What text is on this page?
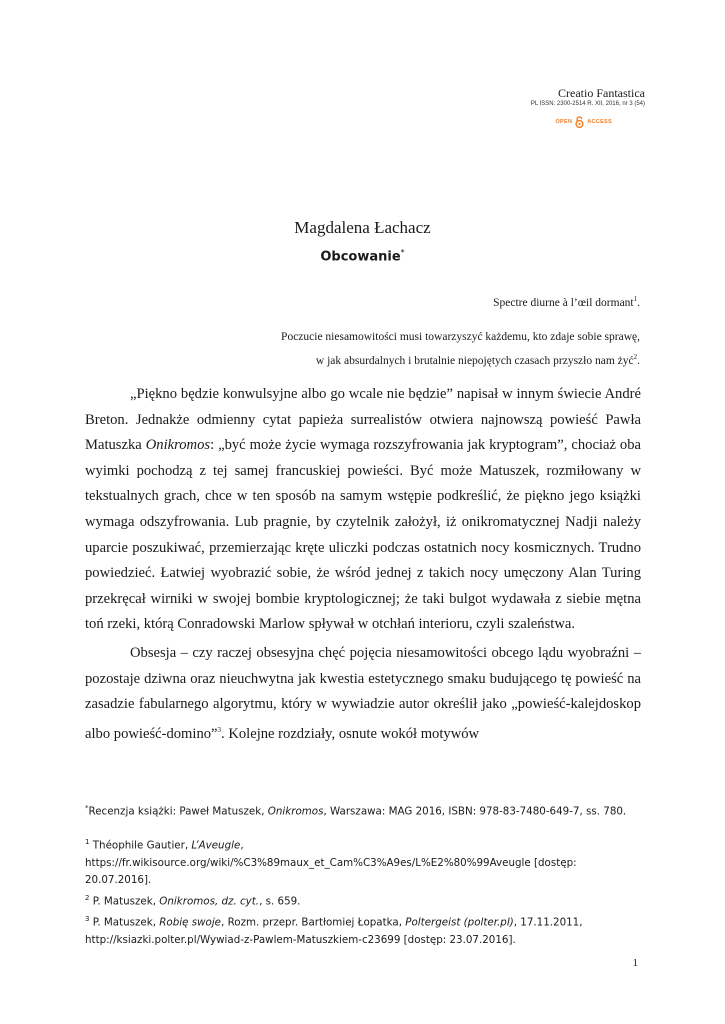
Creatio Fantastica
PL ISSN: 2300-2514 R. XII, 2016, nr 3 (54)
OPEN	ACCESS
Magdalena Łachacz
Obcowanie*
Spectre diurne à l’œil dormant$^1$.
Poczucie niesamowitości musi towarzyszyć każdemu, kto zdaje sobie sprawę,
w jak absurdalnych i brutalnie niepojętych czasach przyszło nam żyć$^2$.

„Piękno będzie konwulsyjne albo go wcale nie będzie” napisał w innym świecie André Breton. Jednakże odmienny cytat papieża surrealistów otwiera najnowszą powieść Pawła Matuszka Onikromos: „być może życie wymaga rozszyfrowania jak kryptogram”, chociaż oba wyimki pochodzą z tej samej francuskiej powieści. Być może Matuszek, rozmiłowany w tekstualnych grach, chce w ten sposób na samym wstępie podkreślić, że piękno jego książki wymaga odszyfrowania. Lub pragnie, by czytelnik założył, iż onikromatycznej Nadji należy uparcie poszukiwać, przemierzając kręte uliczki podczas ostatnich nocy kosmicznych. Trudno powiedzieć. Łatwiej wyobrazić sobie, że wśród jednej z takich nocy umęczony Alan Turing przekręcał wirniki w swojej bombie kryptologicznej; że taki bulgot wydawała z siebie mętna toń rzeki, którą Conradowski Marlow spływał w otchłań interioru, czyli szaleństwa.

Obsesja – czy raczej obsesyjna chęć pojęcia niesamowitości obcego lądu wyobraźni – pozostaje dziwna oraz nieuchwytna jak kwestia estetycznego smaku budującego tę powieść na zasadzie fabularnego algorytmu, który w wywiadzie autor określił jako „powieść-kalejdoskop albo powieść-domino”$^3$. Kolejne rozdziały, osnute wokół motywów

*Recenzja książki: Paweł Matuszek, Onikromos, Warszawa: MAG 2016, ISBN: 978-83-7480-649-7, ss. 780.

$^1$ Théophile Gautier, L’Aveugle, https://fr.wikisource.org/wiki/%C3%89maux_et_Cam%C3%A9es/L%E2%80%99Aveugle [dostęp: 20.07.2016].

$^2$ P. Matuszek, Onikromos, dz. cyt., s. 659.

$^3$ P. Matuszek, Robię swoje, Rozm. przepr. Bartłomiej Łopatka, Poltergeist (polter.pl), 17.11.2011, http://ksiazki.polter.pl/Wywiad-z-Pawlem-Matuszkiem-c23699 [dostęp: 23.07.2016].

1
